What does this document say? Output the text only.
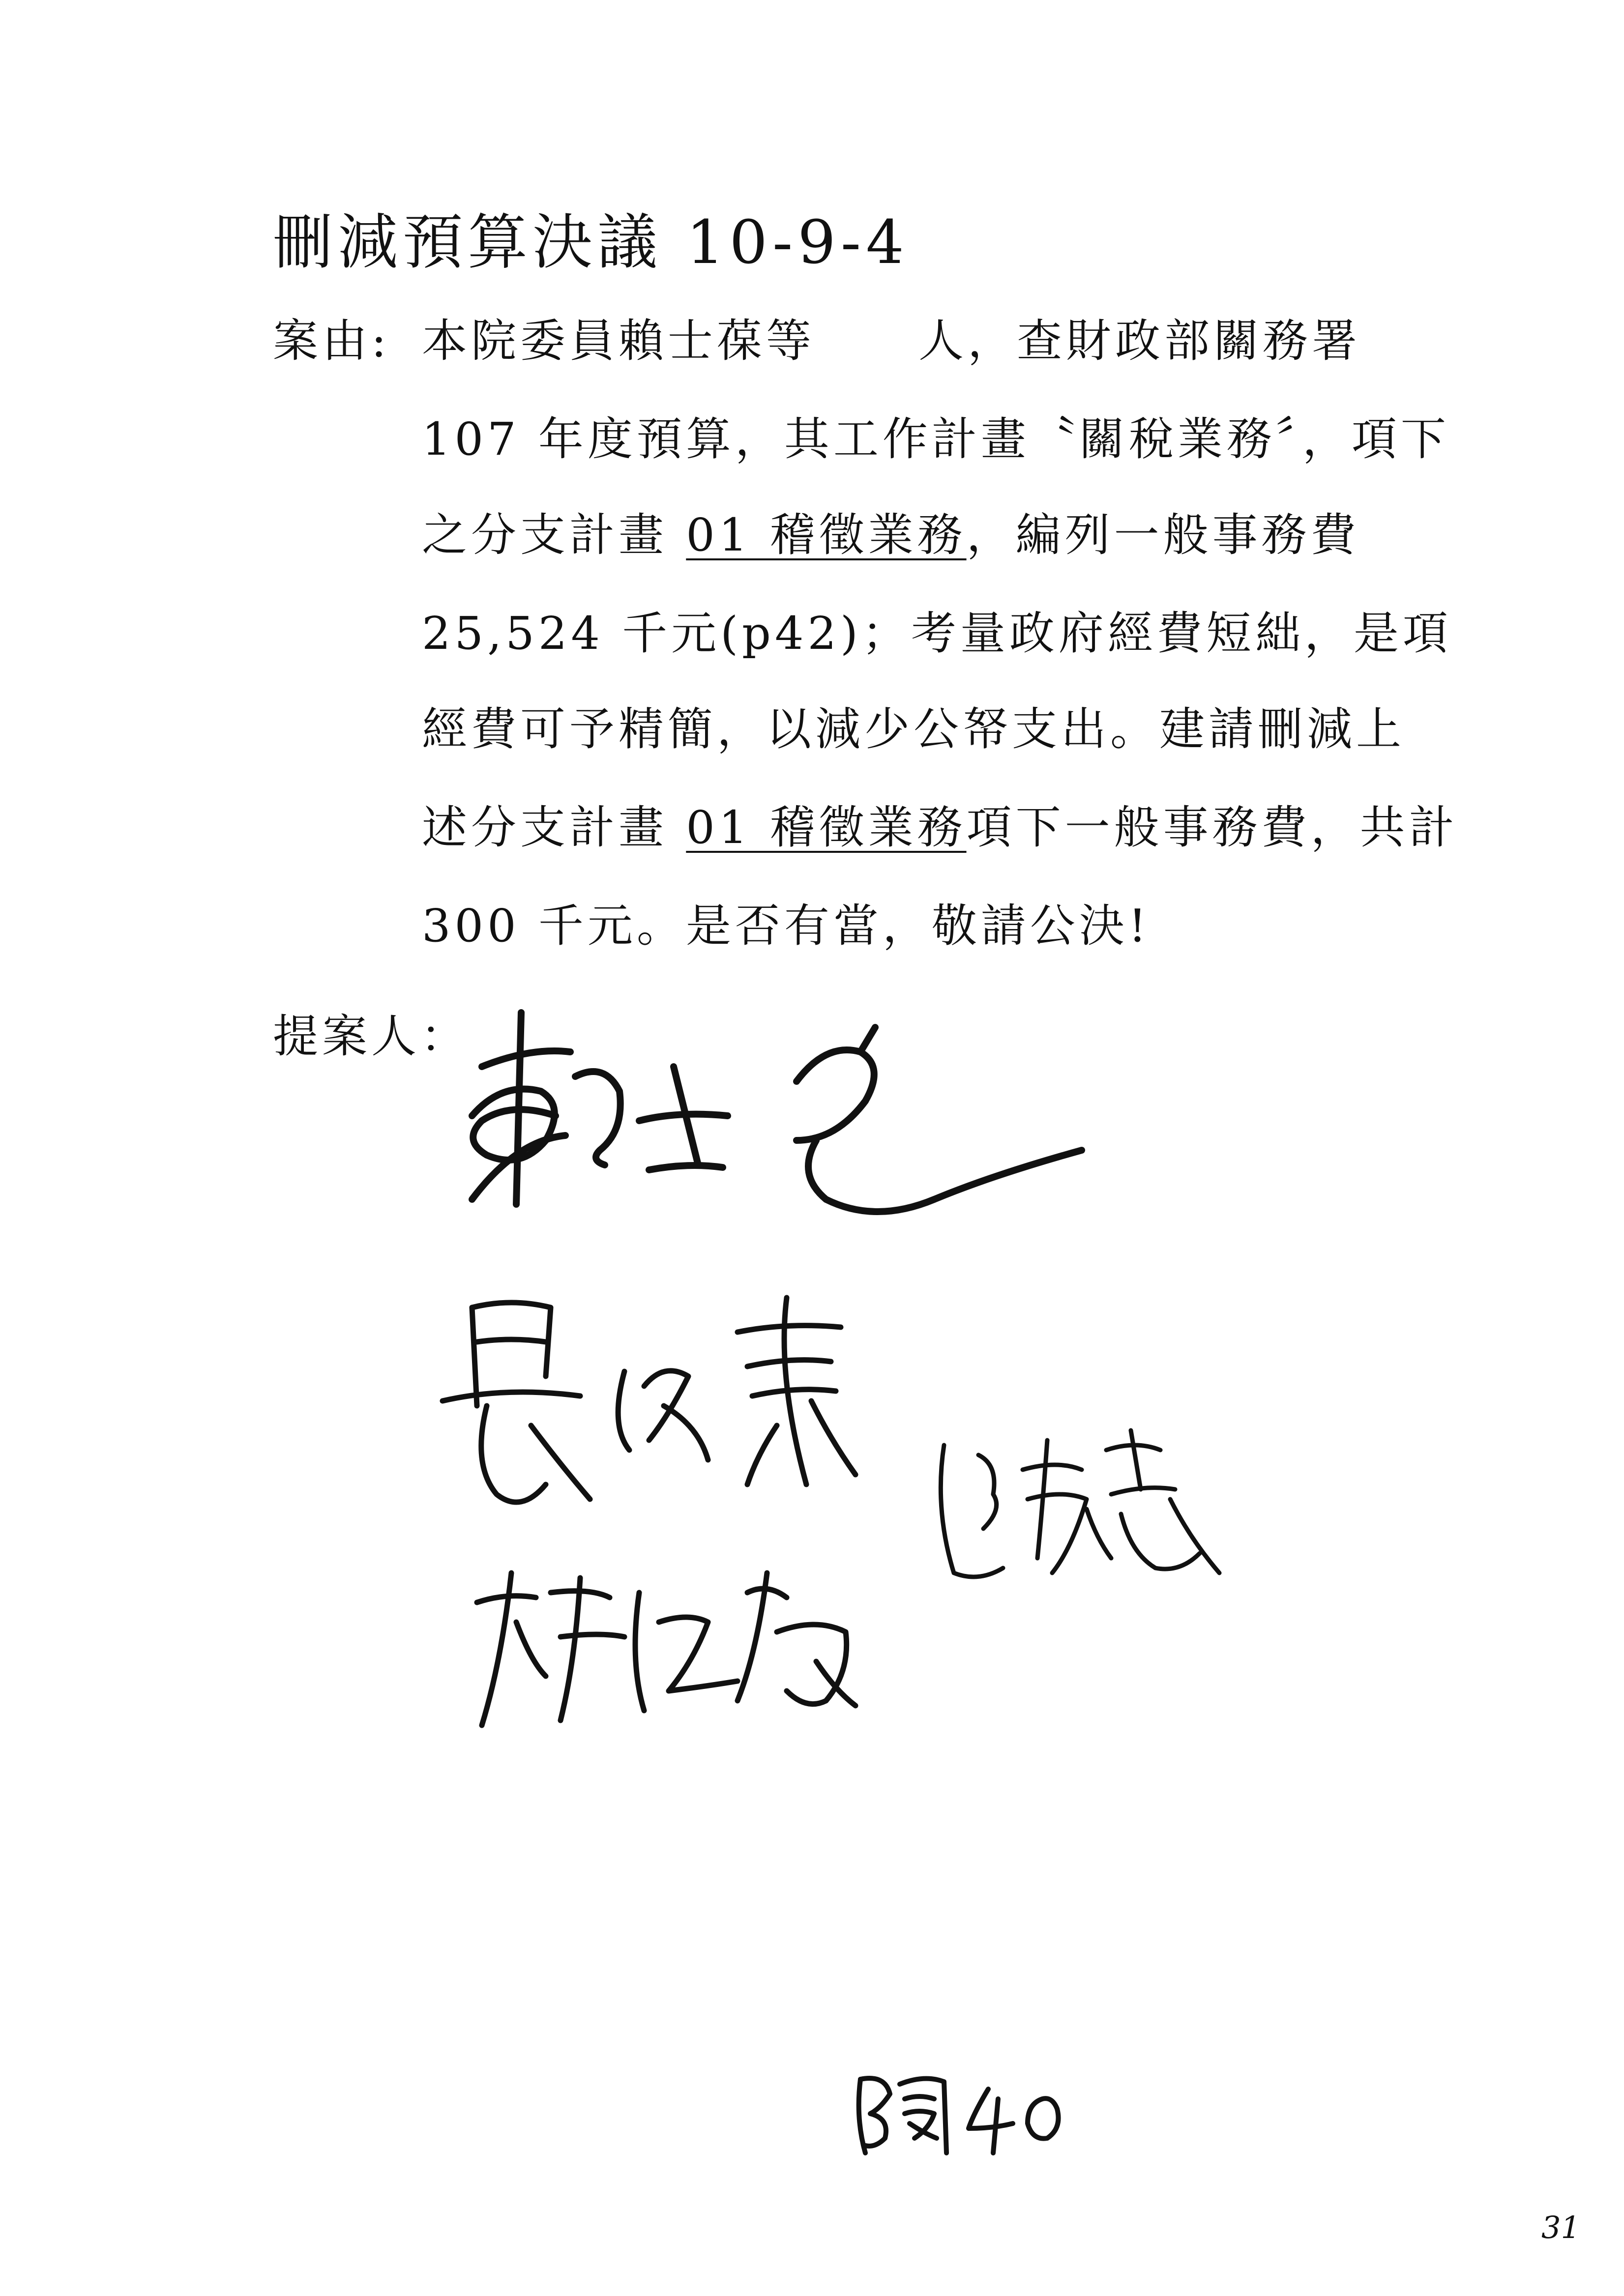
刪減預算決議 10-9-4
案由: 本院委員賴士葆等 人，查財政部關務署
107 年度預算，其工作計畫〝關稅業務〞，項下
之分支計畫 01 稽徵業務，編列一般事務費
25,524 千元(p42)；考量政府經費短絀，是項
經費可予精簡，以減少公帑支出。建請刪減上
述分支計畫 01 稽徵業務項下一般事務費，共計
300 千元。是否有當，敬請公決!
提案人：
31
